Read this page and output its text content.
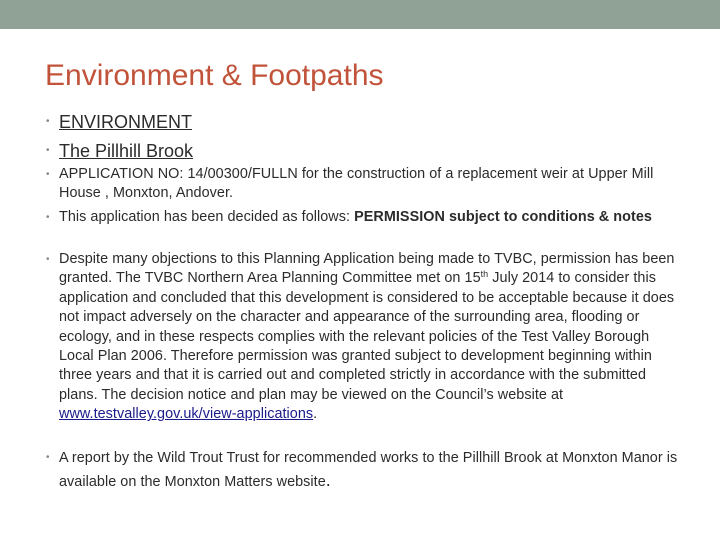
Environment & Footpaths
• ENVIRONMENT
• The Pillhill Brook
• APPLICATION NO: 14/00300/FULLN for the construction of a replacement weir at Upper Mill House , Monxton, Andover.
• This application has been decided as follows: PERMISSION subject to conditions & notes
• Despite many objections to this Planning Application being made to TVBC, permission has been granted. The TVBC Northern Area Planning Committee met on 15th July 2014 to consider this application and concluded that this development is considered to be acceptable because it does not impact adversely on the character and appearance of the surrounding area, flooding or ecology, and in these respects complies with the relevant policies of the Test Valley Borough Local Plan 2006. Therefore permission was granted subject to development beginning within three years and that it is carried out and completed strictly in accordance with the submitted plans. The decision notice and plan may be viewed on the Council’s website at www.testvalley.gov.uk/view-applications.
• A report by the Wild Trout Trust for recommended works to the Pillhill Brook at Monxton Manor is available on the Monxton Matters website.
